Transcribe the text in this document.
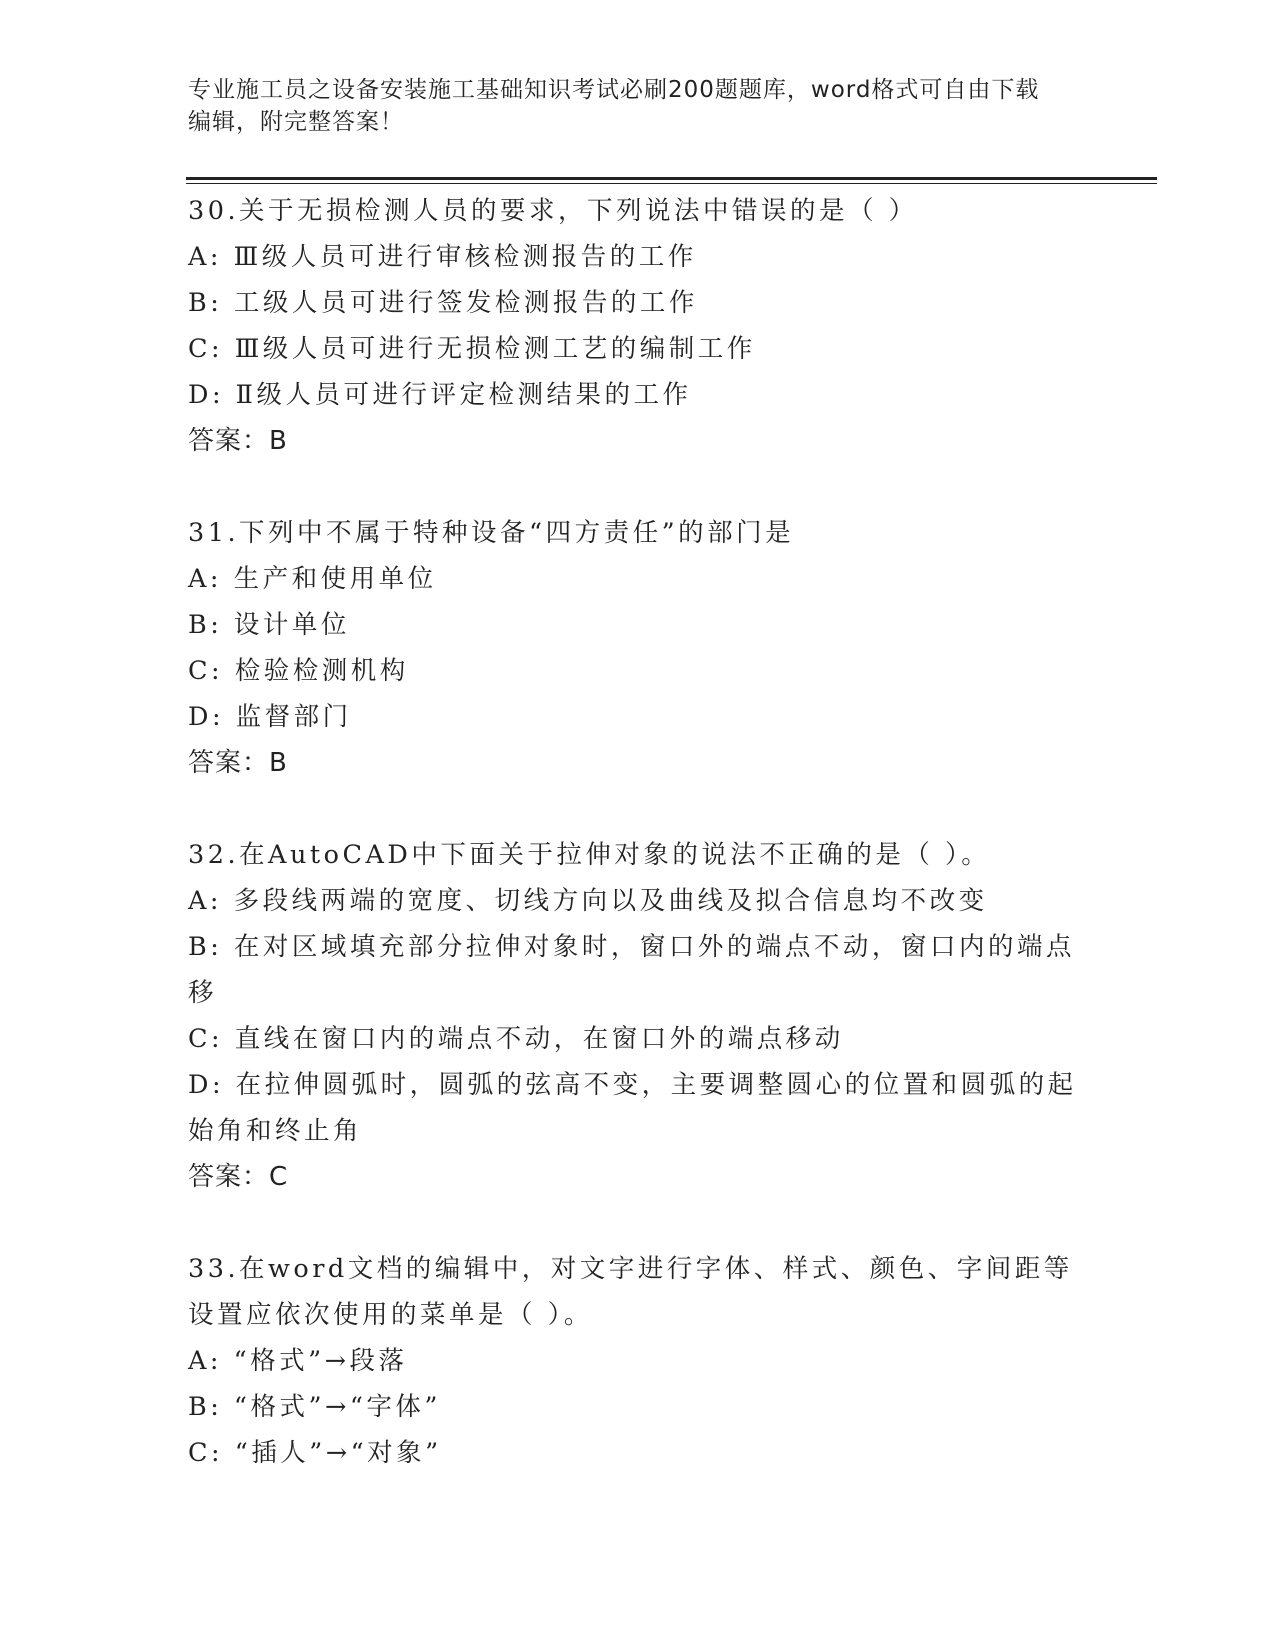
专业施工员之设备安装施工基础知识考试必刷200题题库，word格式可自由下载
编辑，附完整答案！
30.关于无损检测人员的要求，下列说法中错误的是（ ）
A: Ⅲ级人员可进行审核检测报告的工作
B: 工级人员可进行签发检测报告的工作
C: Ⅲ级人员可进行无损检测工艺的编制工作
D: Ⅱ级人员可进行评定检测结果的工作
答案：B
31.下列中不属于特种设备“四方责任”的部门是
A: 生产和使用单位
B: 设计单位
C: 检验检测机构
D: 监督部门
答案：B
32.在AutoCAD中下面关于拉伸对象的说法不正确的是（ ）。
A: 多段线两端的宽度、切线方向以及曲线及拟合信息均不改变
B: 在对区域填充部分拉伸对象时，窗口外的端点不动，窗口内的端点移
C: 直线在窗口内的端点不动，在窗口外的端点移动
D: 在拉伸圆弧时，圆弧的弦高不变，主要调整圆心的位置和圆弧的起始角和终止角
答案：C
33.在word文档的编辑中，对文字进行字体、样式、颜色、字间距等设置应依次使用的菜单是（ ）。
A: “格式”→段落
B: “格式”→“字体”
C: “插人”→“对象”
